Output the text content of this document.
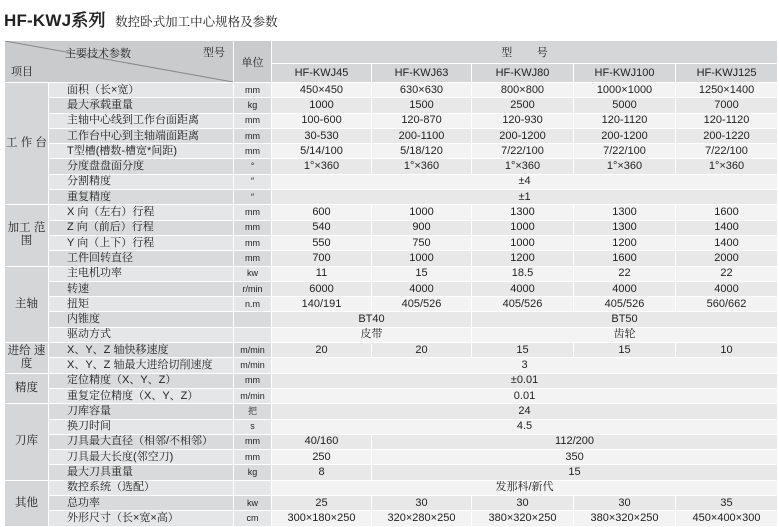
HF-KWJ系列 数控卧式加工中心规格及参数
主要技术参数 型号
项目		单位	型        号				
			HF-KWJ45	HF-KWJ63	HF-KWJ80	HF-KWJ100	HF-KWJ125
工 作 台	面积（长×宽）	mm	450×450	630×630	800×800	1000×1000	1250×1400
	最大承载重量	kg	1000	1500	2500	5000	7000
	主轴中心线到工作台面距离	mm	100-600	120-870	120-930	120-1120	120-1120
	工作台中心到主轴端面距离	mm	30-530	200-1100	200-1200	200-1200	200-1220
	T型槽(槽数-槽宽*间距)	mm	5/14/100	5/18/120	7/22/100	7/22/100	7/22/100
	分度盘盘面分度	°	1°×360	1°×360	1°×360	1°×360	1°×360
	分割精度	″	±4				
	重复精度	″	±1				
加工 范围	X 向（左右）行程	mm	600	1000	1300	1300	1600
	Z 向（前后）行程	mm	540	900	1000	1300	1400
	Y 向（上下）行程	mm	550	750	1000	1200	1400
	工件回转直径	mm	700	1000	1200	1600	2000
主轴	主电机功率	kw	11	15	18.5	22	22
	转速	r/min	6000	4000	4000	4000	4000
	扭矩	n.m	140/191	405/526	405/526	405/526	560/662
	内锥度		BT40		BT50		
	驱动方式		皮带		齿轮		
进给 速度	X、Y、Z 轴快移速度	m/min	20	20	15	15	10
	X、Y、Z 轴最大进给切削速度	m/min	3				
精度	定位精度（X、Y、Z）	mm	±0.01				
	重复定位精度（X、Y、Z）	m/min	0.01				
刀库	刀库容量	把	24				
	换刀时间	s	4.5				
	刀具最大直径（相邻/不相邻）	mm	40/160	112/200			
	刀具最大长度(邻空刀)	mm	250	350			
	最大刀具重量	kg	8	15			
其他	数控系统（选配）		发那科/新代				
	总功率	kw	25	30	30	30	35
	外形尺寸（长×宽×高）	cm	300×180×250	320×280×250	380×320×250	380×320×250	450×400×300
